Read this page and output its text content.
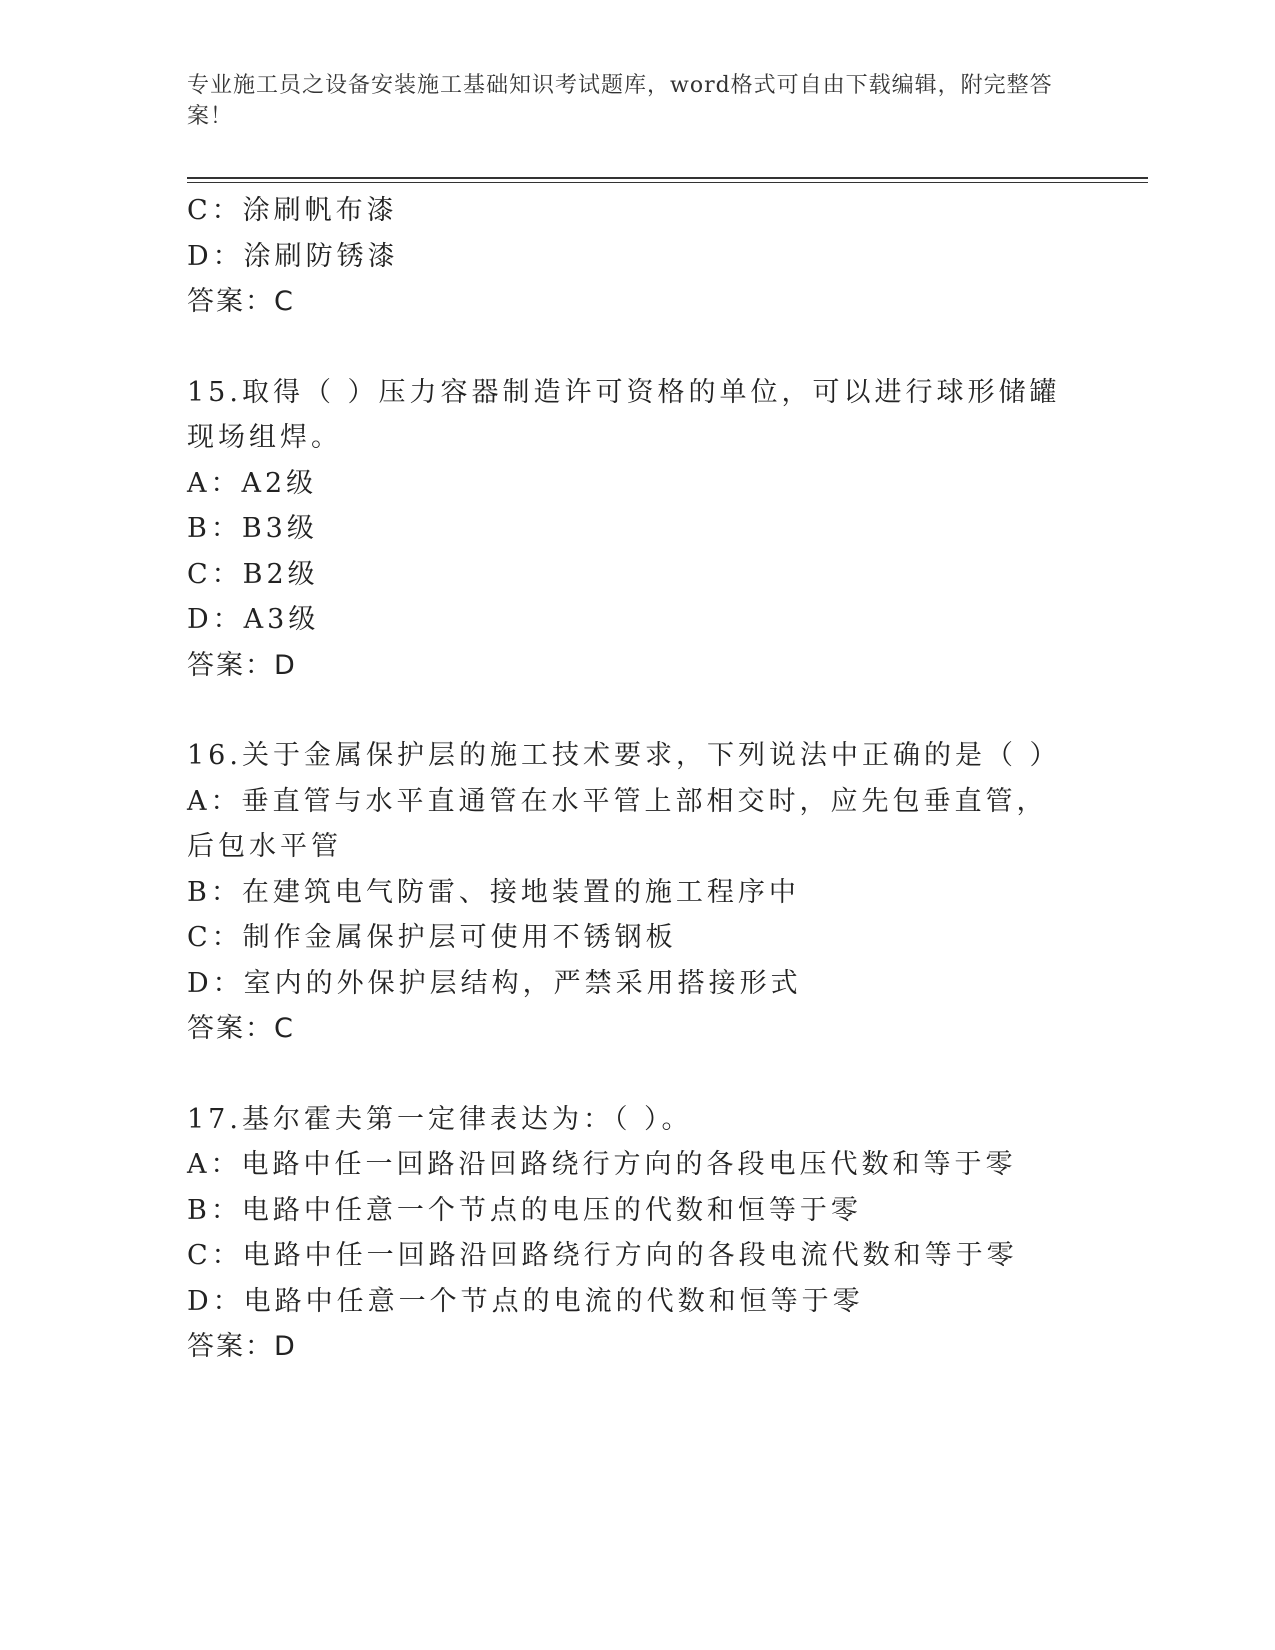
专业施工员之设备安装施工基础知识考试题库，word格式可自由下载编辑，附完整答案！
C：涂刷帆布漆
D：涂刷防锈漆
答案：C
15.取得（ ）压力容器制造许可资格的单位，可以进行球形储罐现场组焊。
A：A2级
B：B3级
C：B2级
D：A3级
答案：D
16.关于金属保护层的施工技术要求，下列说法中正确的是（ ）
A：垂直管与水平直通管在水平管上部相交时，应先包垂直管，后包水平管
B：在建筑电气防雷、接地装置的施工程序中
C：制作金属保护层可使用不锈钢板
D：室内的外保护层结构，严禁采用搭接形式
答案：C
17.基尔霍夫第一定律表达为：（ ）。
A：电路中任一回路沿回路绕行方向的各段电压代数和等于零
B：电路中任意一个节点的电压的代数和恒等于零
C：电路中任一回路沿回路绕行方向的各段电流代数和等于零
D：电路中任意一个节点的电流的代数和恒等于零
答案：D
